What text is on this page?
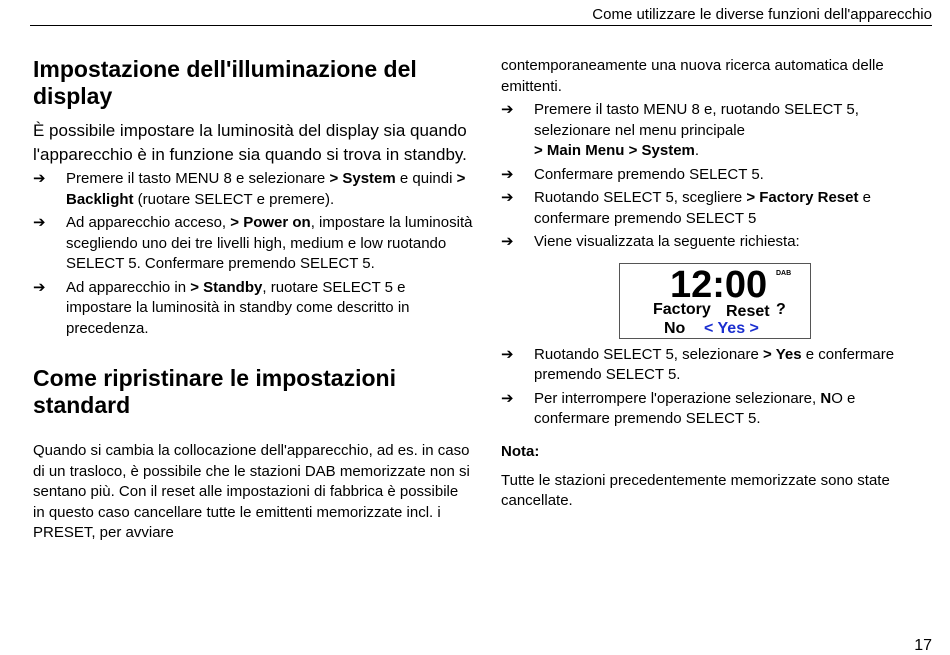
Come utilizzare le diverse funzioni dell'apparecchio
Impostazione dell'illuminazione del display

È possibile impostare la luminosità del display sia quando l'apparecchio è in funzione sia quando si trova in standby.

➔ Premere il tasto MENU 8 e selezionare > System e quindi > Backlight (ruotare SELECT e premere).
➔ Ad apparecchio acceso, > Power on, impostare la luminosità scegliendo uno dei tre livelli high, medium e low ruotando SELECT 5. Confermare premendo SELECT 5.
➔ Ad apparecchio in > Standby, ruotare SELECT 5 e impostare la luminosità in standby come descritto in precedenza.
Come ripristinare le impostazioni standard

Quando si cambia la collocazione dell'apparecchio, ad es. in caso di un trasloco, è possibile che le stazioni DAB memorizzate non si sentano più. Con il reset alle impostazioni di fabbrica è possibile in questo caso cancellare tutte le emittenti memorizzate incl. i PRESET, per avviare

contemporaneamente una nuova ricerca automatica delle emittenti.

➔ Premere il tasto MENU 8 e, ruotando SELECT 5, selezionare nel menu principale
> Main Menu > System.
➔ Confermare premendo SELECT 5.
➔ Ruotando SELECT 5, scegliere > Factory Reset e confermare premendo SELECT 5
➔ Viene visualizzata la seguente richiesta:
12:00 DAB
Factory Reset ?
No < Yes >
➔ Ruotando SELECT 5, selezionare > Yes e confermare premendo SELECT 5.
➔ Per interrompere l'operazione selezionare, NO e confermare premendo SELECT 5.

Nota:

Tutte le stazioni precedentemente memorizzate sono state cancellate.

17
